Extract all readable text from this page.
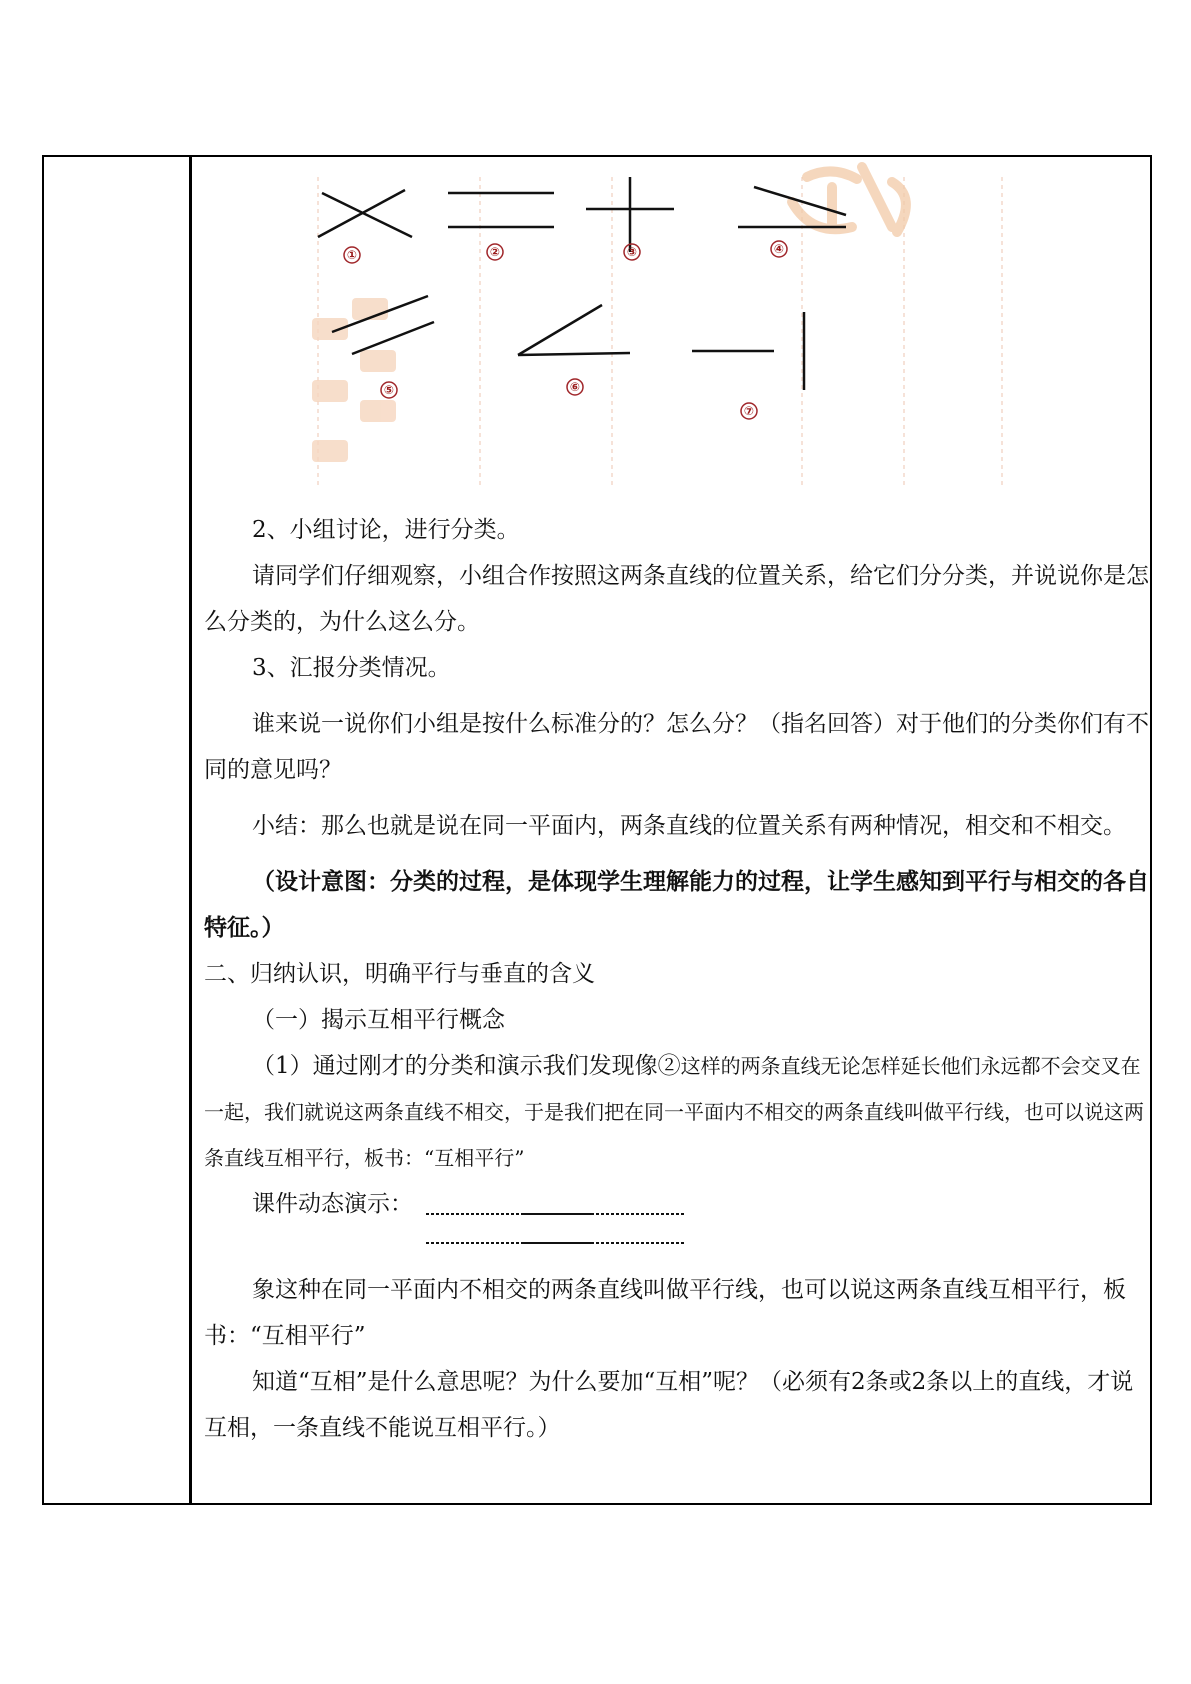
①	②	③	④
⑤	⑥
⑦

2、小组讨论，进行分类。

请同学们仔细观察，小组合作按照这两条直线的位置关系，给它们分分类，并说说你是怎么分类的，为什么这么分。

3、汇报分类情况。

谁来说一说你们小组是按什么标准分的？怎么分？（指名回答）对于他们的分类你们有不同的意见吗？

小结：那么也就是说在同一平面内，两条直线的位置关系有两种情况，相交和不相交。

（设计意图：分类的过程，是体现学生理解能力的过程，让学生感知到平行与相交的各自特征。）

二、归纳认识，明确平行与垂直的含义

（一）揭示互相平行概念

（1）通过刚才的分类和演示我们发现像②这样的两条直线无论怎样延长他们永远都不会交叉在一起，我们就说这两条直线不相交，于是我们把在同一平面内不相交的两条直线叫做平行线，也可以说这两条直线互相平行，板书：“互相平行”

课件动态演示：

象这种在同一平面内不相交的两条直线叫做平行线，也可以说这两条直线互相平行，板书：“互相平行”

知道“互相”是什么意思呢？为什么要加“互相”呢？（必须有2条或2条以上的直线，才说互相，一条直线不能说互相平行。）
